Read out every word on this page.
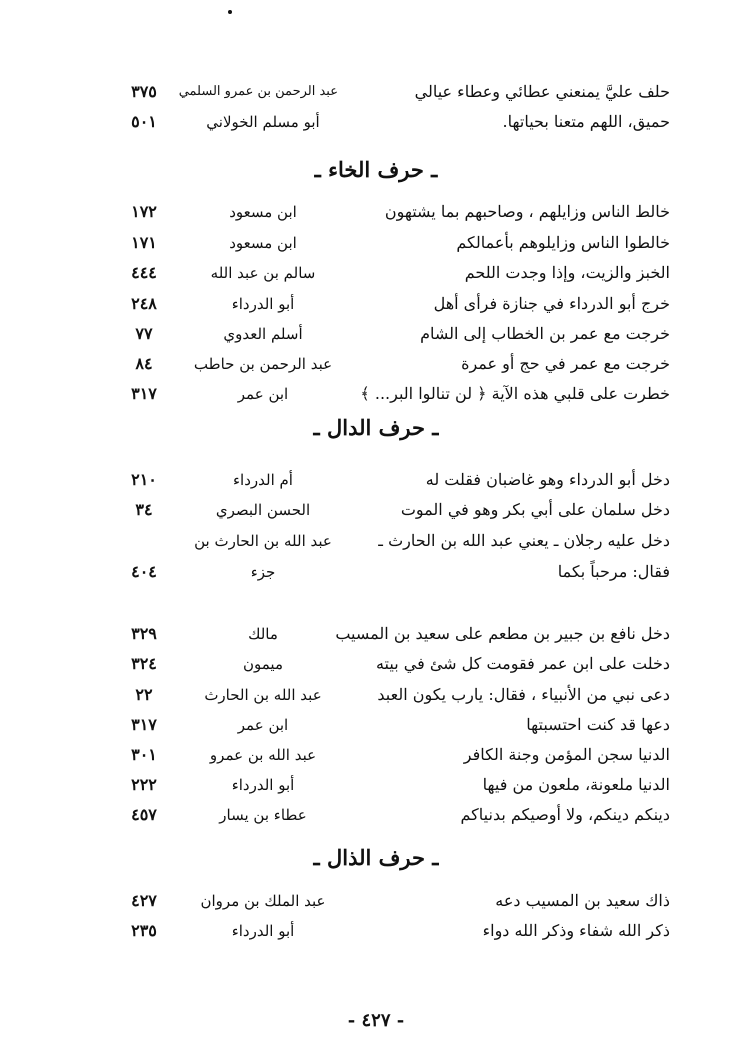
حلف عليَّ يمنعني عطائي وعطاء عيالي
عبد الرحمن بن عمرو السلمي
٣٧٥
حميق، اللهم متعنا بحياتها.
أبو مسلم الخولاني
٥٠١
ـ حرف الخاء ـ
خالط الناس وزايلهم ، وصاحبهم بما يشتهون
ابن مسعود
١٧٢
خالطوا الناس وزايلوهم بأعمالكم
ابن مسعود
١٧١
الخبز والزيت، وإذا وجدت اللحم
سالم بن عبد الله
٤٤٤
خرج أبو الدرداء في جنازة فرأى أهل
أبو الدرداء
٢٤٨
خرجت مع عمر بن الخطاب إلى الشام
أسلم العدوي
٧٧
خرجت مع عمر في حج أو عمرة
عبد الرحمن بن حاطب
٨٤
خطرت على قلبي هذه الآية ﴿ لن تنالوا البر... ﴾
ابن عمر
٣١٧
ـ حرف الدال ـ
دخل أبو الدرداء وهو غاضبان فقلت له
أم الدرداء
٢١٠
دخل سلمان على أبي بكر وهو في الموت
الحسن البصري
٣٤
دخل عليه رجلان ـ يعني عبد الله بن الحارث ـ
عبد الله بن الحارث بن
فقال: مرحباً بكما
جزء
٤٠٤
دخل نافع بن جبير بن مطعم على سعيد بن المسيب
مالك
٣٢٩
دخلت على ابن عمر فقومت كل شئ في بيته
ميمون
٣٢٤
دعى نبي من الأنبياء ، فقال: يارب يكون العبد
عبد الله بن الحارث
٢٢
دعها قد كنت احتسبتها
ابن عمر
٣١٧
الدنيا سجن المؤمن وجنة الكافر
عبد الله بن عمرو
٣٠١
الدنيا ملعونة، ملعون من فيها
أبو الدرداء
٢٢٢
دينكم دينكم، ولا أوصيكم بدنياكم
عطاء بن يسار
٤٥٧
ـ حرف الذال ـ
ذاك سعيد بن المسيب دعه
عبد الملك بن مروان
٤٢٧
ذكر الله شفاء وذكر الله دواء
أبو الدرداء
٢٣٥
- ٤٢٧ -
